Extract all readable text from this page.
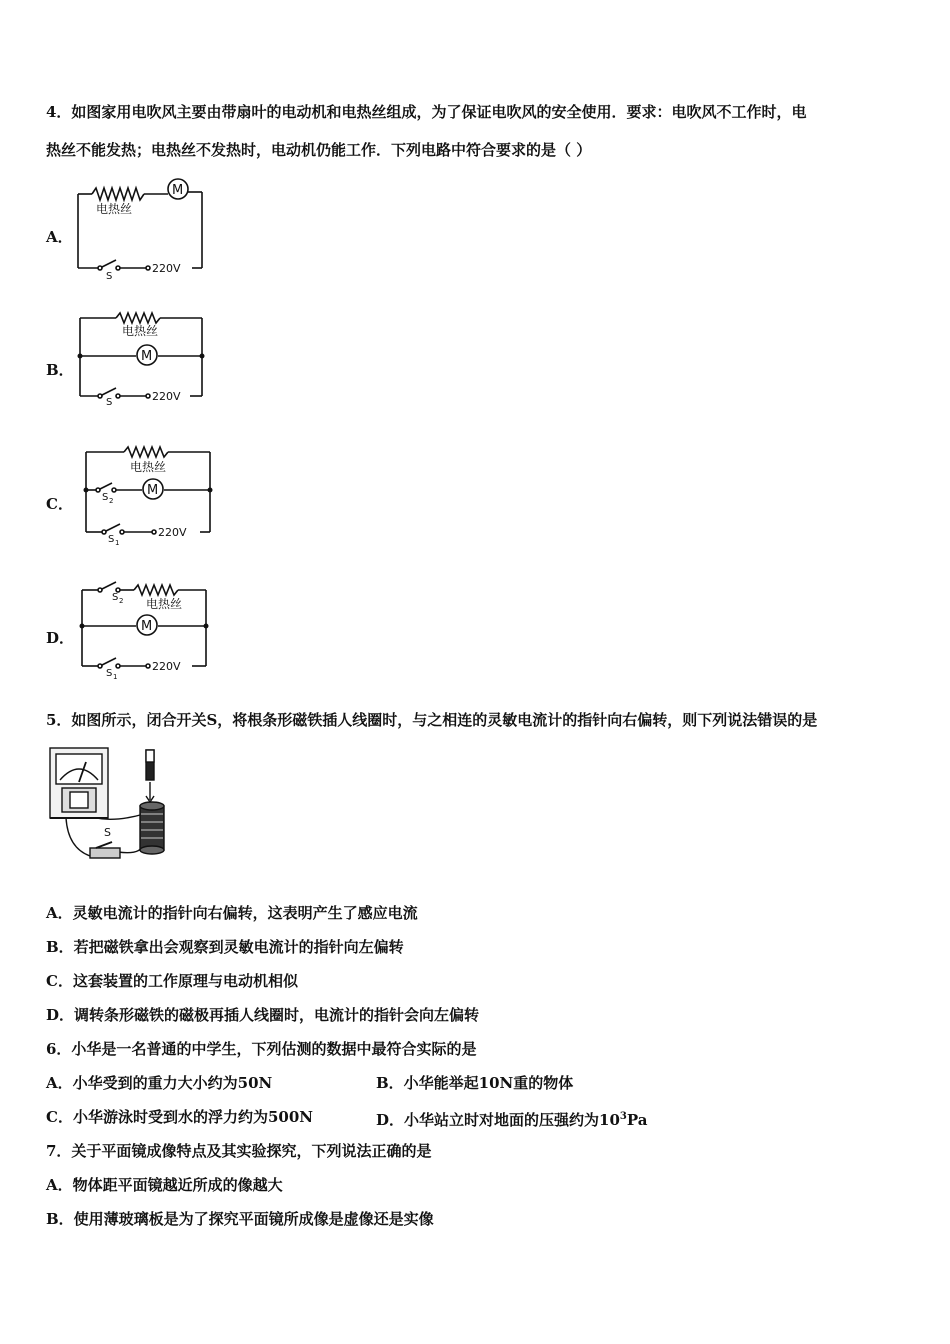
4．如图家用电吹风主要由带扇叶的电动机和电热丝组成，为了保证电吹风的安全使用．要求：电吹风不工作时，电
热丝不能发热；电热丝不发热时，电动机仍能工作．下列电路中符合要求的是（ ）
A．
电热丝
M
220V
S
B．
电热丝
M
220V
S
C．
电热丝
M
220V
S 2
S 1
D．
电热丝
M
220V
S 2
S 1
5．如图所示，闭合开关S，将根条形磁铁插人线圈时，与之相连的灵敏电流计的指针向右偏转，则下列说法错误的是
S
A．灵敏电流计的指针向右偏转，这表明产生了感应电流
B．若把磁铁拿出会观察到灵敏电流计的指针向左偏转
C．这套装置的工作原理与电动机相似
D．调转条形磁铁的磁极再插人线圈时，电流计的指针会向左偏转
6．小华是一名普通的中学生，下列估测的数据中最符合实际的是
A．小华受到的重力大小约为50N	B．小华能举起10N重的物体
C．小华游泳时受到水的浮力约为500N	D．小华站立时对地面的压强约为$10^3Pa$
7．关于平面镜成像特点及其实验探究，下列说法正确的是
A．物体距平面镜越近所成的像越大
B．使用薄玻璃板是为了探究平面镜所成像是虚像还是实像
